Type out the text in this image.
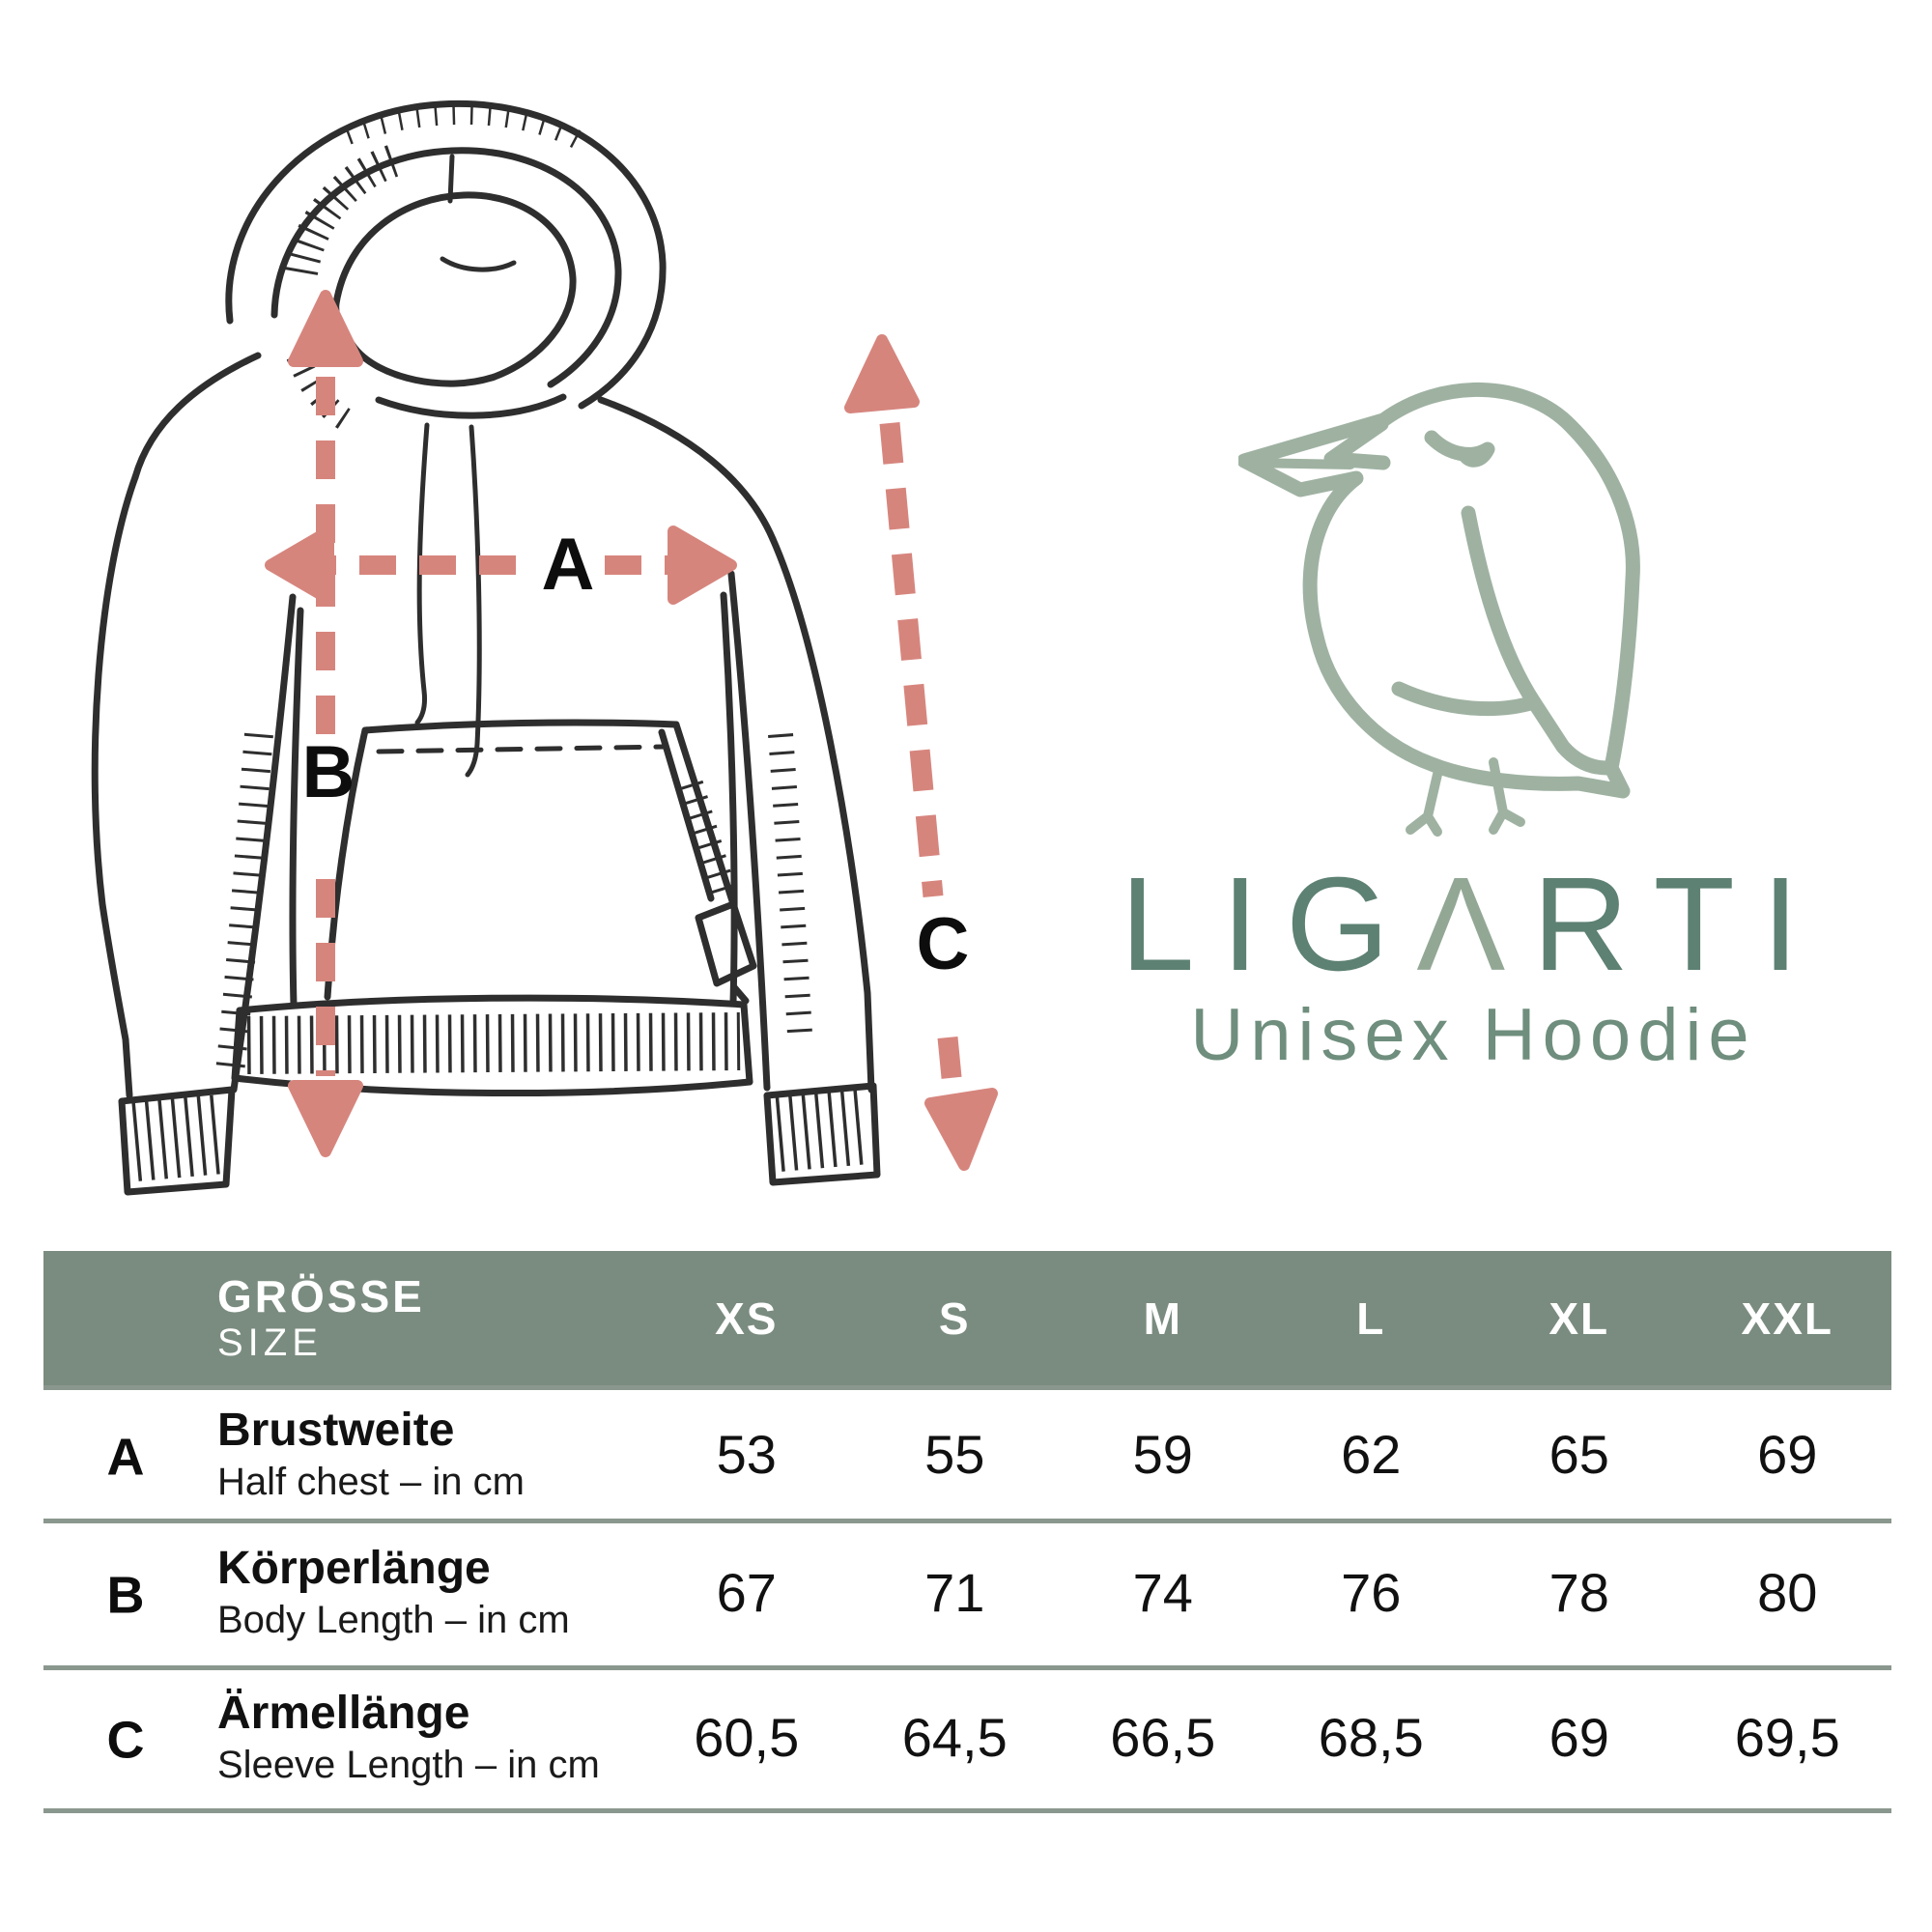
A
B
C	LIGΛRTI
Unisex Hoodie
GRÖSSE
SIZE	XS	S	M	L	XL	XXL
A	Brustweite
Half chest – in cm	53	55	59	62	65	69
B	Körperlänge
Body Length – in cm	67	71	74	76	78	80
C	Ärmellänge
Sleeve Length – in cm	60,5	64,5	66,5	68,5	69	69,5
